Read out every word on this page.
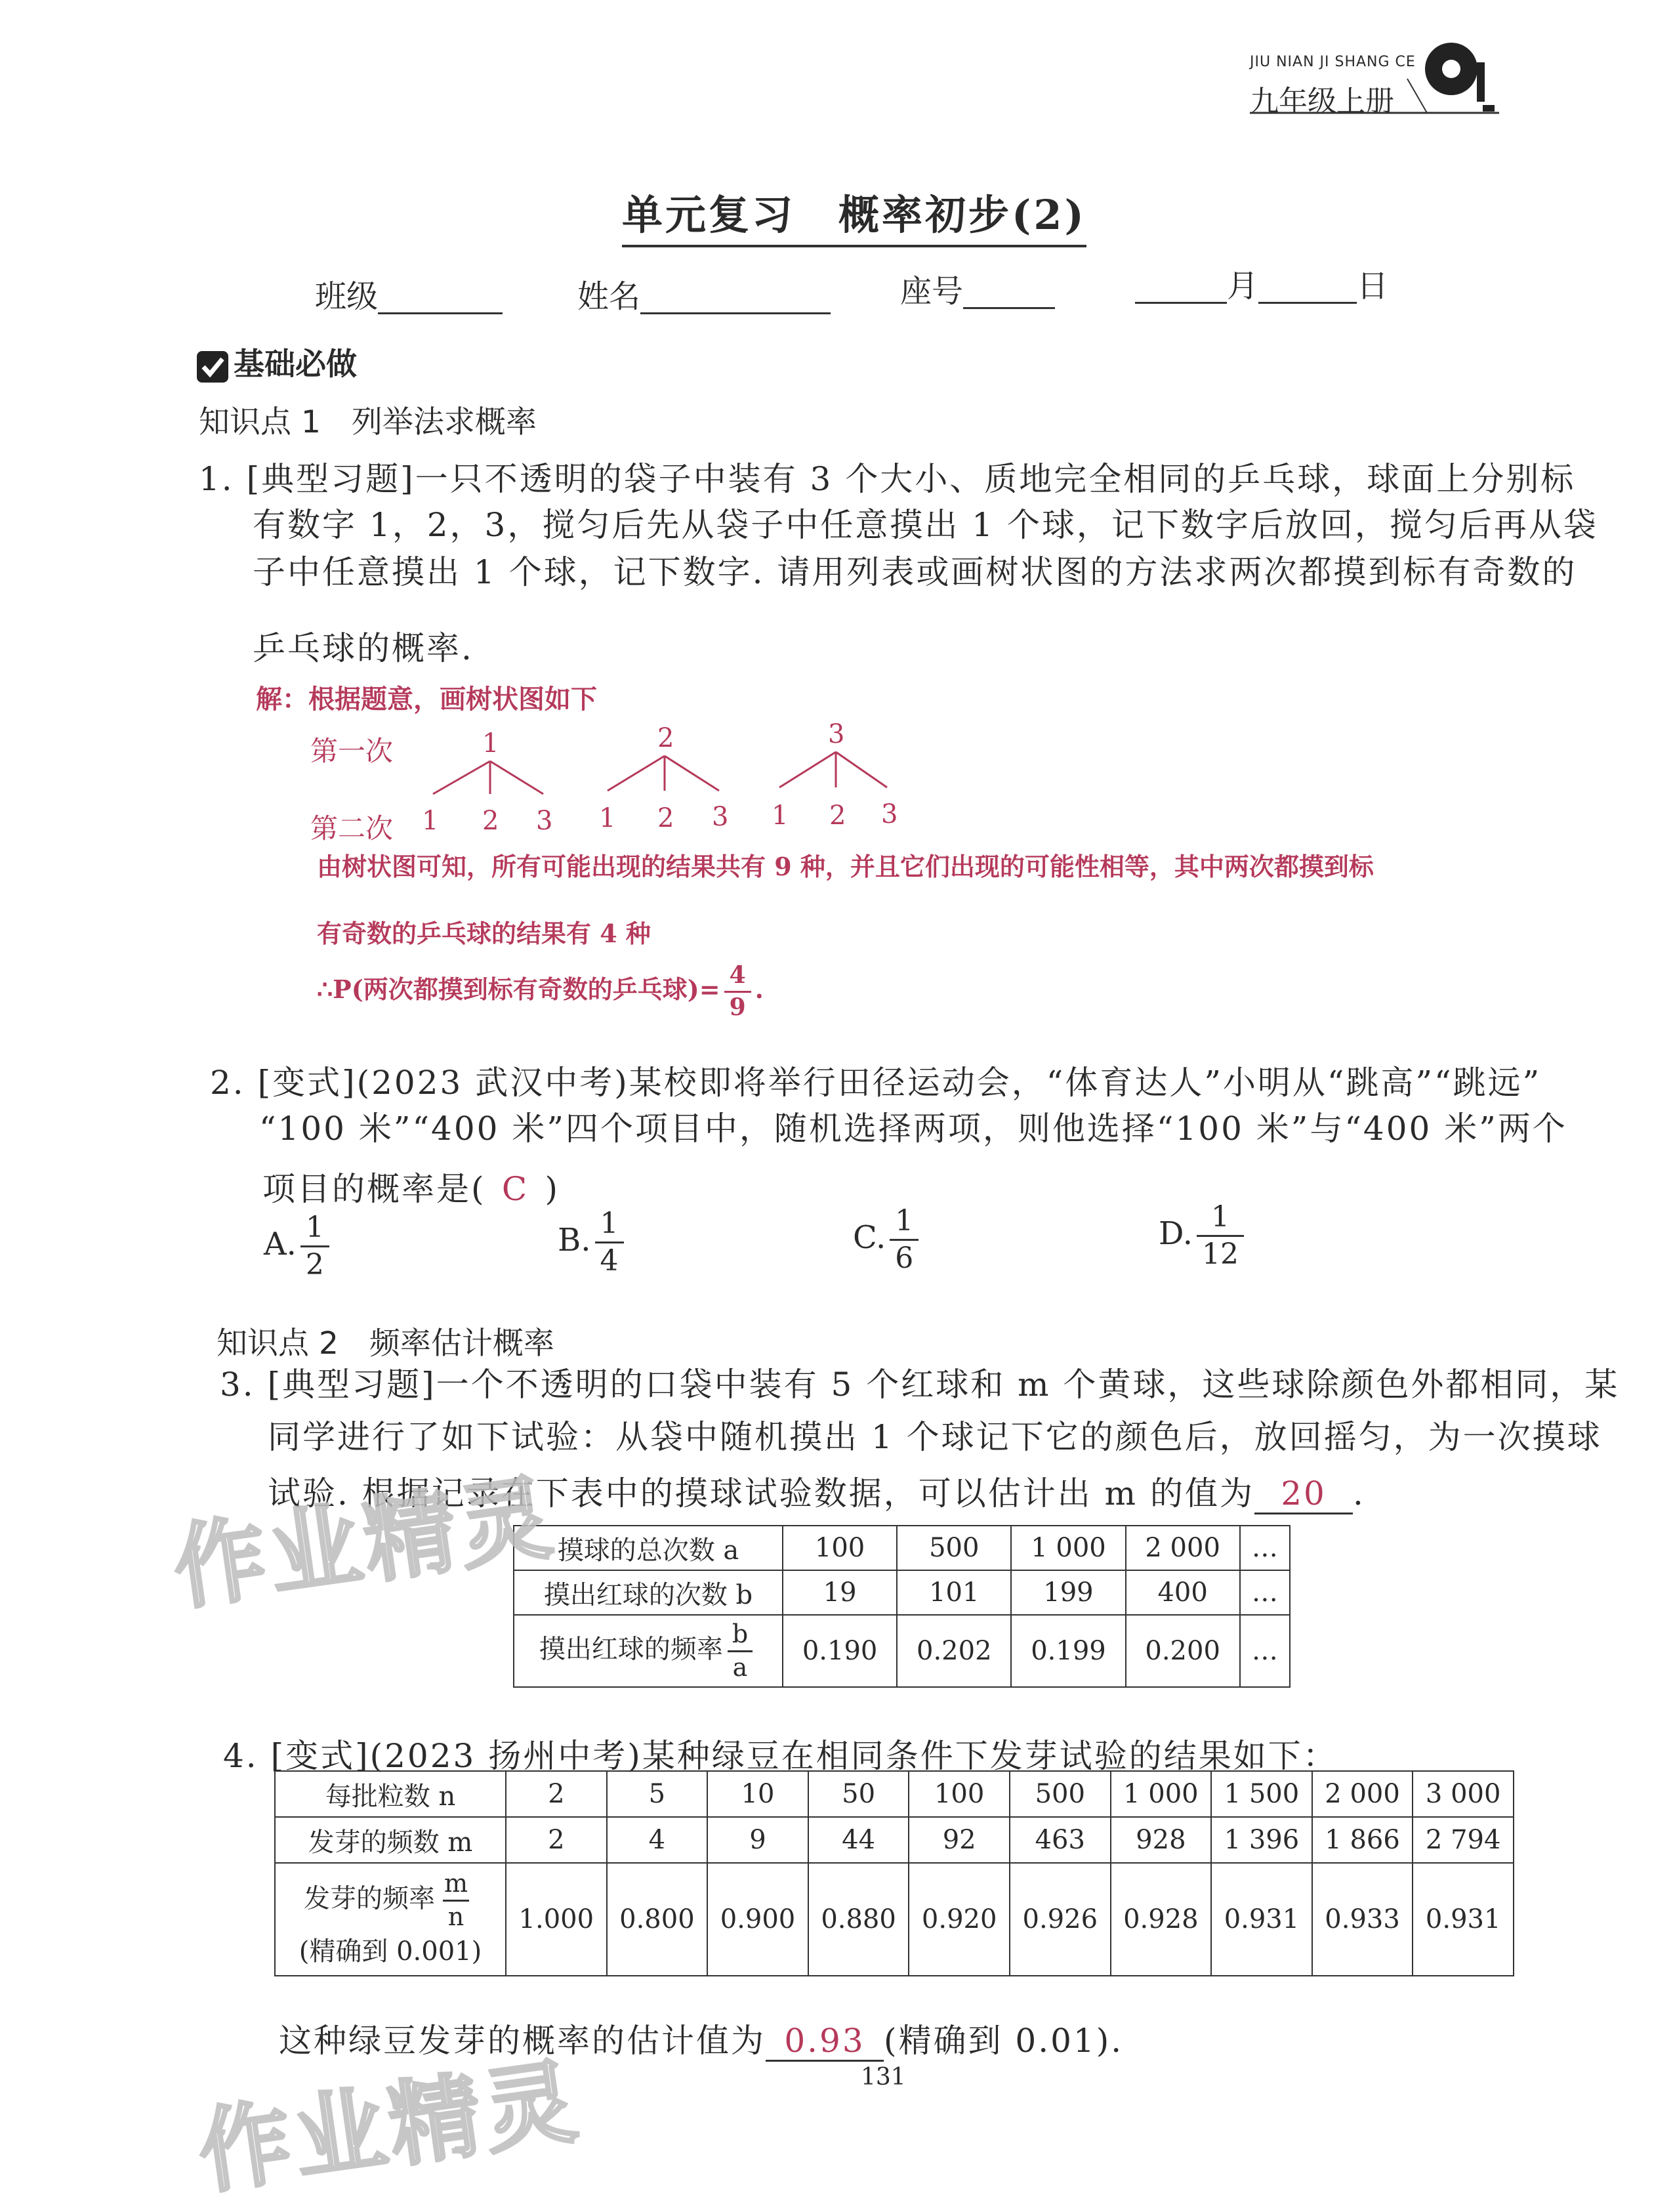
JIU NIAN JI SHANG CE
九年级上册
单元复习　概率初步(2)
班级	姓名	座号	月	日
基础必做
知识点 1　列举法求概率
1. [典型习题]一只不透明的袋子中装有 3 个大小、质地完全相同的乒乓球，球面上分别标
有数字 1，2，3，搅匀后先从袋子中任意摸出 1 个球，记下数字后放回，搅匀后再从袋
子中任意摸出 1 个球，记下数字. 请用列表或画树状图的方法求两次都摸到标有奇数的
乒乓球的概率.
解：根据题意，画树状图如下
第一次
第二次
1	2	3
1 2 3 1 2 3 1 2 3
由树状图可知，所有可能出现的结果共有 9 种，并且它们出现的可能性相等，其中两次都摸到标
有奇数的乒乓球的结果有 4 种
∴P(两次都摸到标有奇数的乒乓球)= $\frac{4}{9}$ .
2. [变式](2023 武汉中考)某校即将举行田径运动会，“体育达人”小明从“跳高”“跳远”
“100 米”“400 米”四个项目中，随机选择两项，则他选择“100 米”与“400 米”两个
项目的概率是( C )
A. $\frac{1}{2}$	B. $\frac{1}{4}$	C. $\frac{1}{6}$	D. $\frac{1}{12}$
知识点 2　频率估计概率
3. [典型习题]一个不透明的口袋中装有 5 个红球和 m 个黄球，这些球除颜色外都相同，某
同学进行了如下试验：从袋中随机摸出 1 个球记下它的颜色后，放回摇匀，为一次摸球
试验. 根据记录在下表中的摸球试验数据，可以估计出 m 的值为 20 .
摸球的总次数 a	100	500	1 000	2 000	…
摸出红球的次数 b	19	101	199	400	…
摸出红球的频率 $\frac{b}{a}$	0.190	0.202	0.199	0.200	…
4. [变式](2023 扬州中考)某种绿豆在相同条件下发芽试验的结果如下：
每批粒数 n	2	5	10	50	100	500	1 000	1 500	2 000	3 000
发芽的频数 m	2	4	9	44	92	463	928	1 396	1 866	2 794

发芽的频率 $\frac{m}{n}$
(精确到 0.001)	1.000	0.800	0.900	0.880	0.920	0.926	0.928	0.931	0.933	0.931
这种绿豆发芽的概率的估计值为 0.93 (精确到 0.01).
131
作业精灵
作业精灵
